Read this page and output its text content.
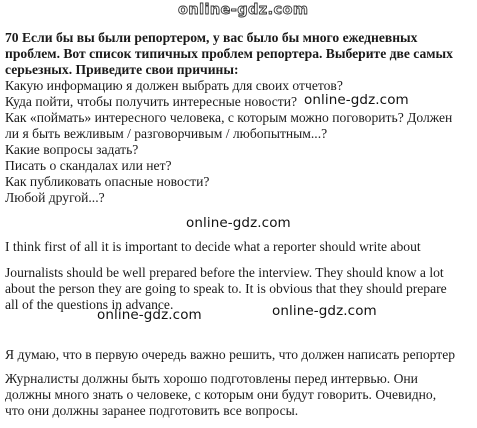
online-gdz.com
70 Если бы вы были репортером, у вас было бы много ежедневных
проблем. Вот список типичных проблем репортера. Выберите две самых
серьезных. Приведите свои причины:
Какую информацию я должен выбрать для своих отчетов?
Куда пойти, чтобы получить интересные новости? online-gdz.com
Как «поймать» интересного человека, с которым можно поговорить? Должен
ли я быть вежливым / разговорчивым / любопытным...?
Какие вопросы задать?
Писать о скандалах или нет?
Как публиковать опасные новости?
Любой другой...?
online-gdz.com
I think first of all it is important to decide what a reporter should write about
Journalists should be well prepared before the interview. They should know a lot
about the person they are going to speak to. It is obvious that they should prepare
all of the questions in advance.
online-gdz.com	online-gdz.com
Я думаю, что в первую очередь важно решить, что должен написать репортер
Журналисты должны быть хорошо подготовлены перед интервью. Они
должны много знать о человеке, с которым они будут говорить. Очевидно,
что они должны заранее подготовить все вопросы.
